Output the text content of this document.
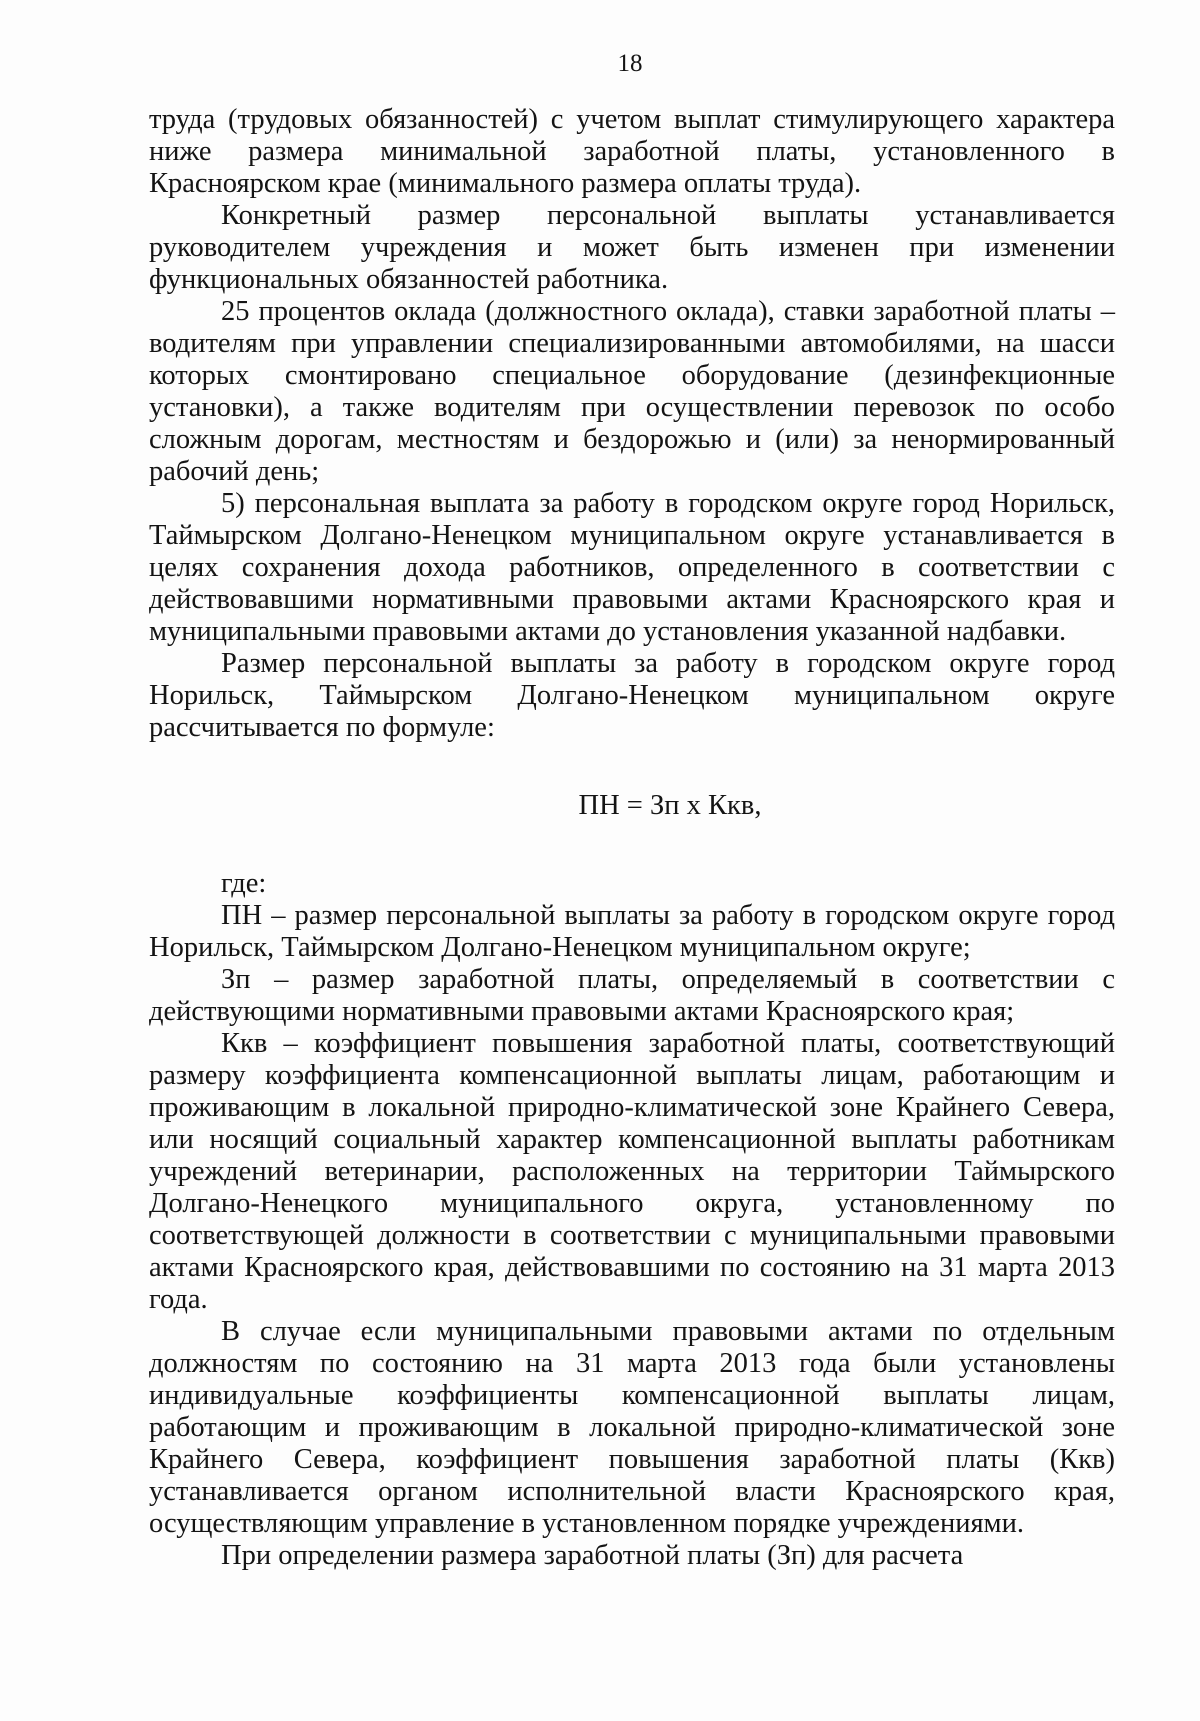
18

труда (трудовых обязанностей) с учетом выплат стимулирующего характера ниже размера минимальной заработной платы, установленного в Красноярском крае (минимального размера оплаты труда).

Конкретный размер персональной выплаты устанавливается руководителем учреждения и может быть изменен при изменении функциональных обязанностей работника.

25 процентов оклада (должностного оклада), ставки заработной платы – водителям при управлении специализированными автомобилями, на шасси которых смонтировано специальное оборудование (дезинфекционные установки), а также водителям при осуществлении перевозок по особо сложным дорогам, местностям и бездорожью и (или) за ненормированный рабочий день;

5) персональная выплата за работу в городском округе город Норильск, Таймырском Долгано-Ненецком муниципальном округе устанавливается в целях сохранения дохода работников, определенного в соответствии с действовавшими нормативными правовыми актами Красноярского края и муниципальными правовыми актами до установления указанной надбавки.

Размер персональной выплаты за работу в городском округе город Норильск, Таймырском Долгано-Ненецком муниципальном округе рассчитывается по формуле:

ПН = Зп х Ккв,

где:

ПН – размер персональной выплаты за работу в городском округе город Норильск, Таймырском Долгано-Ненецком муниципальном округе;

Зп – размер заработной платы, определяемый в соответствии с действующими нормативными правовыми актами Красноярского края;

Ккв – коэффициент повышения заработной платы, соответствующий размеру коэффициента компенсационной выплаты лицам, работающим и проживающим в локальной природно-климатической зоне Крайнего Севера, или носящий социальный характер компенсационной выплаты работникам учреждений ветеринарии, расположенных на территории Таймырского Долгано-Ненецкого муниципального округа, установленному по соответствующей должности в соответствии с муниципальными правовыми актами Красноярского края, действовавшими по состоянию на 31 марта 2013 года.

В случае если муниципальными правовыми актами по отдельным должностям по состоянию на 31 марта 2013 года были установлены индивидуальные коэффициенты компенсационной выплаты лицам, работающим и проживающим в локальной природно-климатической зоне Крайнего Севера, коэффициент повышения заработной платы (Ккв) устанавливается органом исполнительной власти Красноярского края, осуществляющим управление в установленном порядке учреждениями.

При определении размера заработной платы (Зп) для расчета
